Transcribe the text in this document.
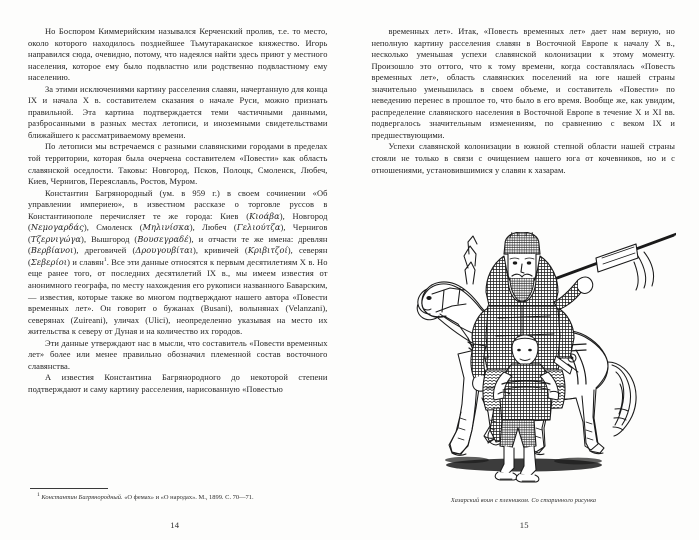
Но Боспором Киммерийским назывался Керченский пролив, т.е. то место, около которого находилось позднейшее Тьмутараканское княжество. Игорь направился сюда, очевидно, потому, что надеялся найти здесь приют у местного населения, которое ему было подвластно или родственно подвластному ему населению.

За этими исключениями картину расселения славян, начертанную для конца IX и начала X в. составителем сказания о начале Руси, можно признать правильной. Эта картина подтверждается теми частичными данными, разбросанными в разных местах летописи, и иноземными свидетельствами ближайшего к рассматриваемому времени.

По летописи мы встречаемся с разными славянскими городами в пределах той территории, которая была очерчена составителем «Повести» как область славянской оседлости. Таковы: Новгород, Псков, Полоцк, Смоленск, Любеч, Киев, Чернигов, Переяславль, Ростов, Муром.

Константин Багрянородный (ум. в 959 г.) в своем сочинении «Об управлении империею», в известном рассказе о торговле руссов в Константинополе перечисляет те же города: Киев (Κιοάβα), Новгород (Νεμογαρδάς), Смоленск (Μηλινίσκα), Любеч (Γελιούτζα), Чернигов (Τζερνιγώγα), Вышгород (Βουσεγραδέ), и отчасти те же имена: древлян (Βερβίανοι), дреговичей (Δρουγουβίται), кривичей (Κριβιτζοί), северян (Σεβερίοι) и славян$^1$. Все эти данные относятся к первым десятилетиям X в. Но еще ранее того, от последних десятилетий IX в., мы имеем известия от анонимного географа, по месту нахождения его рукописи названного Баварским, — известия, которые также во многом подтверждают нашего автора «Повести временных лет». Он говорит о бужанах (Busani), волынянах (Velanzani), северянах (Zuireani), уличах (Ulici), неопределенно указывая на место их жительства к северу от Дуная и на количество их городов.

Эти данные утверждают нас в мысли, что составитель «Повести временных лет» более или менее правильно обозначил племенной состав восточного славянства.

А известия Константина Багрянородного до некоторой степени подтверждают и саму картину расселения, нарисованную «Повестью

$^1$ Константин Багрянородный. «О фемах» и «О народах». М., 1899. С. 70—71.
14

временных лет». Итак, «Повесть временных лет» дает нам верную, но неполную картину расселения славян в Восточной Европе к началу X в., несколько уменьшая успехи славянской колонизации к этому моменту. Произошло это оттого, что к тому времени, когда составлялась «Повесть временных лет», область славянских поселений на юге нашей страны значительно уменьшилась в своем объеме, и составитель «Повести» по неведению перенес в прошлое то, что было в его время. Вообще же, как увидим, распределение славянского населения в Восточной Европе в течение X и XI вв. подвергалось значительным изменениям, по сравнению с веком IX и предшествующими.

Успехи славянской колонизации в южной степной области нашей страны стояли не только в связи с очищением нашего юга от кочевников, но и с отношениями, установившимися у славян к хазарам.

Хазарский воин с пленником. Со старинного рисунка
15
